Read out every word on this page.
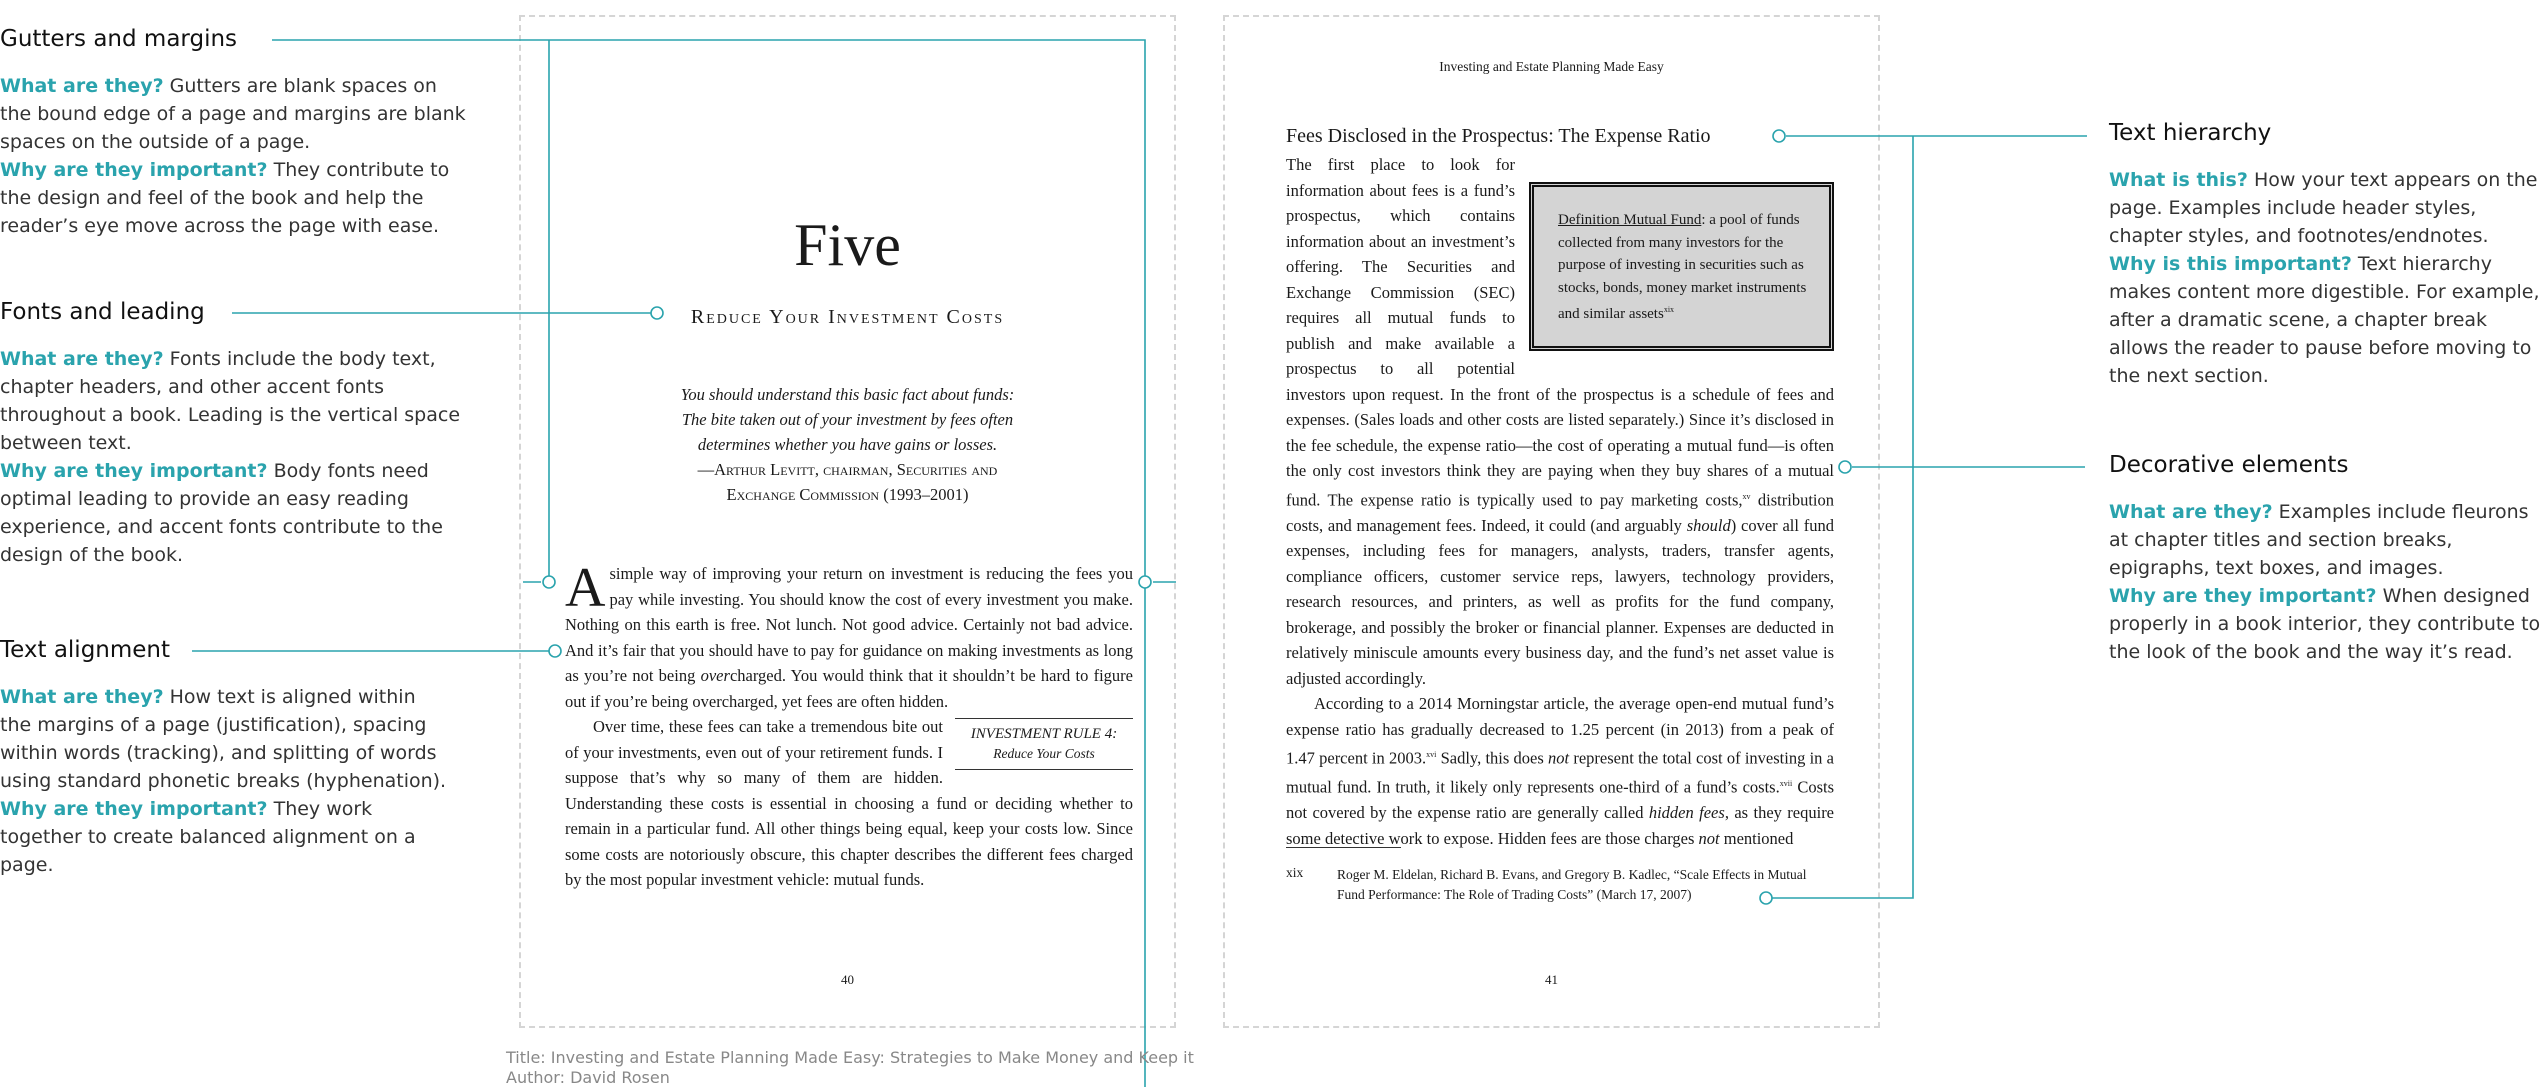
Gutters and margins

What are they? Gutters are blank spaces on the bound edge of a page and margins are blank spaces on the outside of a page.
Why are they important? They contribute to the design and feel of the book and help the reader’s eye move across the page with ease.

Fonts and leading

What are they? Fonts include the body text, chapter headers, and other accent fonts throughout a book. Leading is the vertical space between text.
Why are they important? Body fonts need optimal leading to provide an easy reading experience, and accent fonts contribute to the design of the book.

Text alignment

What are they? How text is aligned within the margins of a page (justification), spacing within words (tracking), and splitting of words using standard phonetic breaks (hyphenation).
Why are they important? They work together to create balanced alignment on a page.

Text hierarchy

What is this? How your text appears on the page. Examples include header styles, chapter styles, and footnotes/endnotes.
Why is this important? Text hierarchy makes content more digestible. For example, after a dramatic scene, a chapter break allows the reader to pause before moving to the next section.

Decorative elements

What are they? Examples include fleurons at chapter titles and section breaks, epigraphs, text boxes, and images.
Why are they important? When designed properly in a book interior, they contribute to the look of the book and the way it’s read.

Five
Reduce Your Investment Costs
You should understand this basic fact about funds:
The bite taken out of your investment by fees often
determines whether you have gains or losses.
—Arthur Levitt, chairman, Securities and
Exchange Commission (1993–2001)

A simple way of improving your return on investment is reducing the fees you pay while investing. You should know the cost of every investment you make. Nothing on this earth is free. Not lunch. Not good advice. Certainly not bad advice. And it’s fair that you should have to pay for guidance on making investments as long as you’re not being overcharged. You would think that it shouldn’t be hard to figure out if you’re being overcharged, yet fees are often hidden.

INVESTMENT RULE 4:
Reduce Your Costs
Over time, these fees can take a tremendous bite out of your investments, even out of your retirement funds. I suppose that’s why so many of them are hidden. Understanding these costs is essential in choosing a fund or deciding whether to remain in a particular fund. All other things being equal, keep your costs low. Since some costs are notoriously obscure, this chapter describes the different fees charged by the most popular investment vehicle: mutual funds.

40
Investing and Estate Planning Made Easy
Fees Disclosed in the Prospectus: The Expense Ratio

Definition Mutual Fund: a pool of funds collected from many investors for the purpose of investing in securities such as stocks, bonds, money market instruments and similar assets$^{xix}$
The first place to look for information about fees is a fund’s prospectus, which contains information about an investment’s offering. The Securities and Exchange Commission (SEC) requires all mutual funds to publish and make available a prospectus to all potential investors upon request. In the front of the prospectus is a schedule of fees and expenses. (Sales loads and other costs are listed separately.) Since it’s disclosed in the fee schedule, the expense ratio—the cost of operating a mutual fund—is often the only cost investors think they are paying when they buy shares of a mutual fund. The expense ratio is typically used to pay marketing costs,$^{xv}$ distribution costs, and management fees. Indeed, it could (and arguably should) cover all fund expenses, including fees for managers, analysts, traders, transfer agents, compliance officers, customer service reps, lawyers, technology providers, research resources, and printers, as well as profits for the fund company, brokerage, and possibly the broker or financial planner. Expenses are deducted in relatively miniscule amounts every business day, and the fund’s net asset value is adjusted accordingly.

According to a 2014 Morningstar article, the average open-end mutual fund’s expense ratio has gradually decreased to 1.25 percent (in 2013) from a peak of 1.47 percent in 2003.$^{xvi}$ Sadly, this does not represent the total cost of investing in a mutual fund. In truth, it likely only represents one-third of a fund’s costs.$^{xvii}$ Costs not covered by the expense ratio are generally called hidden fees, as they require some detective work to expose. Hidden fees are those charges not mentioned

xix Roger M. Eldelan, Richard B. Evans, and Gregory B. Kadlec, “Scale Effects in Mutual Fund Performance: The Role of Trading Costs” (March 17, 2007)
41
Title: Investing and Estate Planning Made Easy: Strategies to Make Money and Keep it
Author: David Rosen
